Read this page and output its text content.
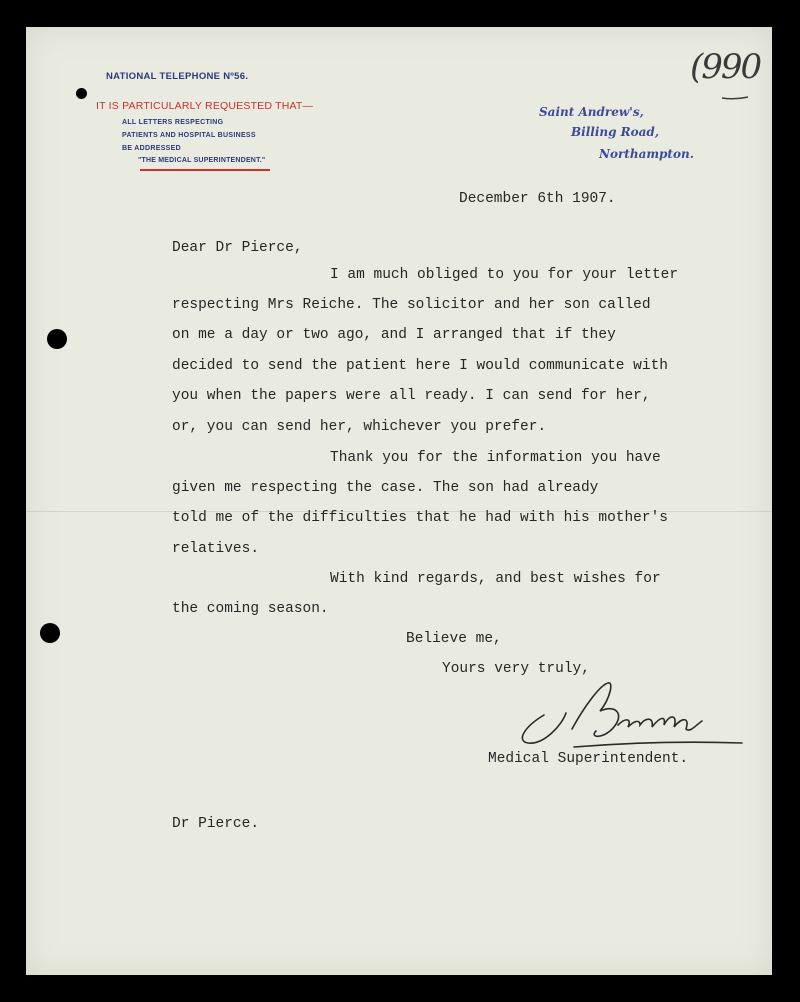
NATIONAL TELEPHONE Nº56.
IT IS PARTICULARLY REQUESTED THAT—
ALL LETTERS RESPECTING
PATIENTS AND HOSPITAL BUSINESS
BE ADDRESSED
"THE MEDICAL SUPERINTENDENT."
Saint Andrew's,
Billing Road,
Northampton.
(990
December 6th 1907.
Dear Dr Pierce,
I am much obliged to you for your letter
respecting Mrs Reiche. The solicitor and her son called
on me a day or two ago, and I arranged that if they
decided to send the patient here I would communicate with
you when the papers were all ready. I can send for her,
or, you can send her, whichever you prefer.
Thank you for the information you have
given me respecting the case. The son had already
told me of the difficulties that he had with his mother's
relatives.
With kind regards, and best wishes for
the coming season.
Believe me,
Yours very truly,
Medical Superintendent.
Dr Pierce.
